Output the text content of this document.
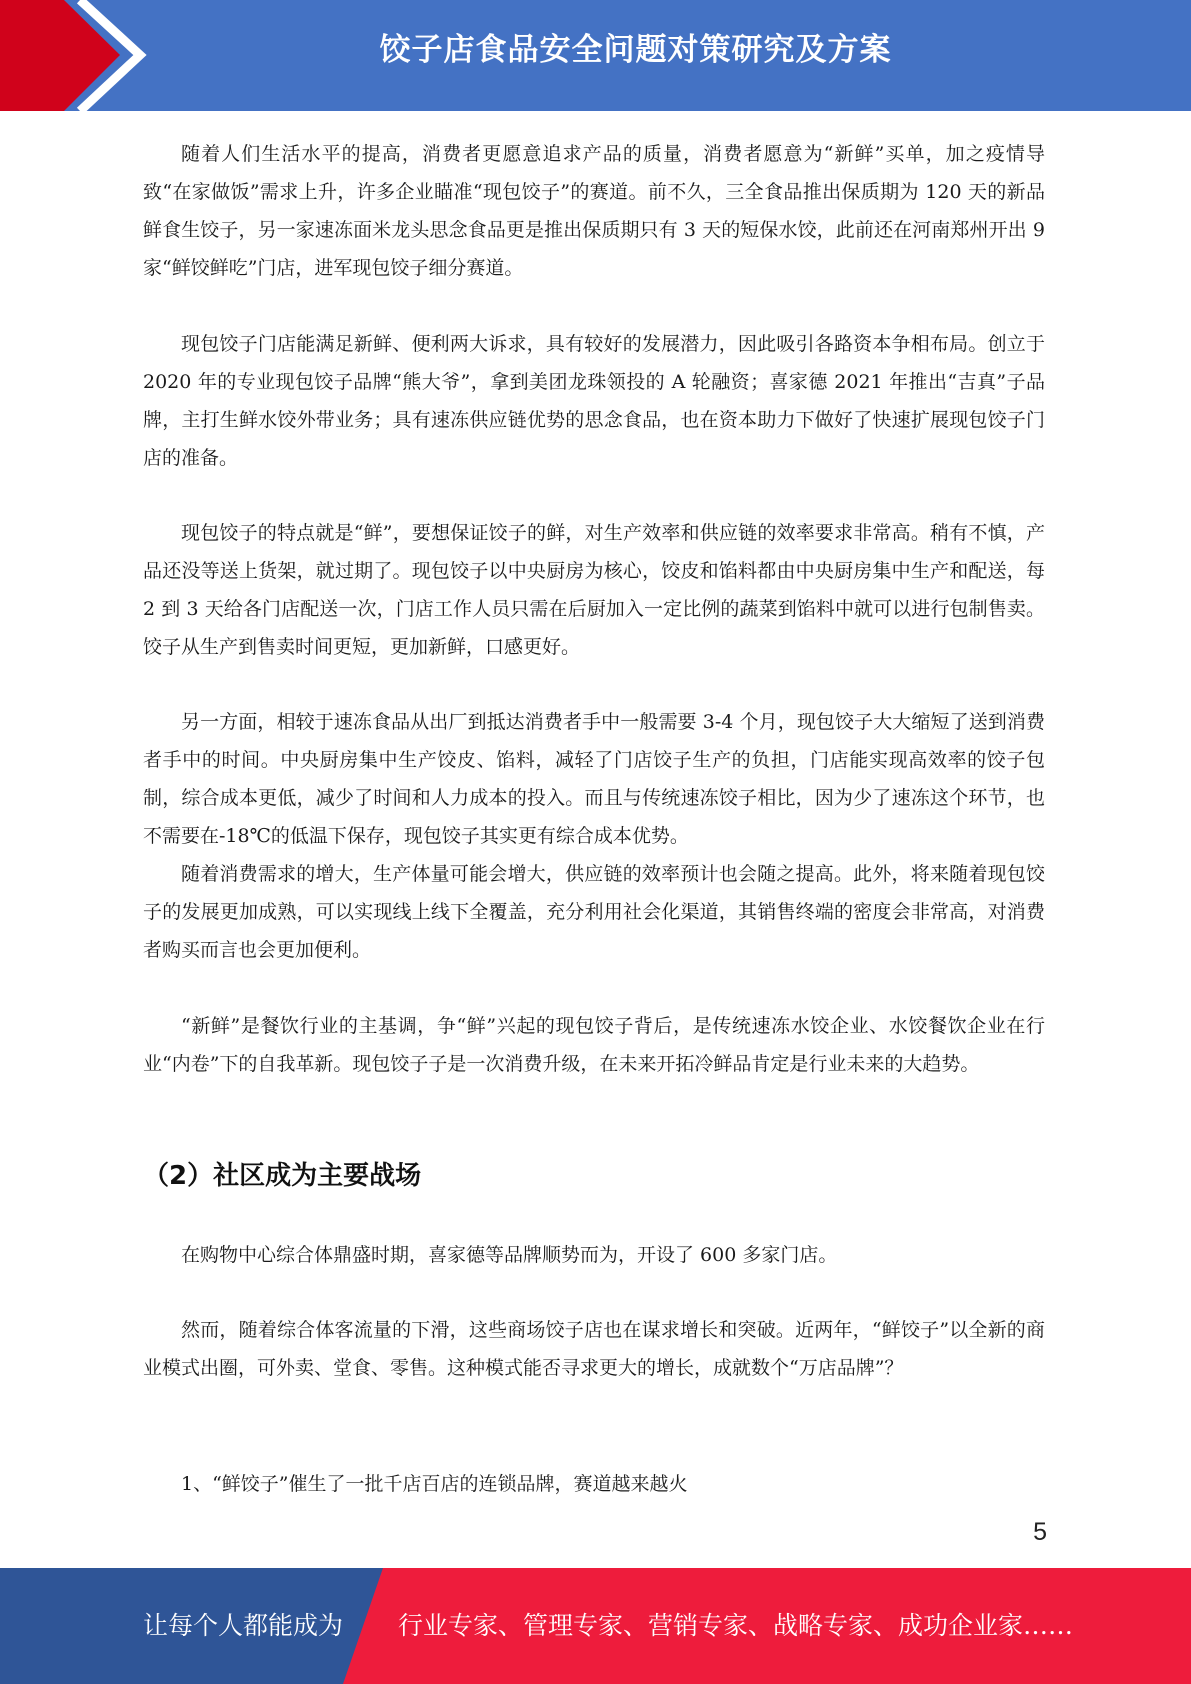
饺子店食品安全问题对策研究及方案

随着人们生活水平的提高，消费者更愿意追求产品的质量，消费者愿意为“新鲜”买单，加之疫情导致“在家做饭”需求上升，许多企业瞄准“现包饺子”的赛道。前不久，三全食品推出保质期为 120 天的新品鲜食生饺子，另一家速冻面米龙头思念食品更是推出保质期只有 3 天的短保水饺，此前还在河南郑州开出 9 家“鲜饺鲜吃”门店，进军现包饺子细分赛道。

现包饺子门店能满足新鲜、便利两大诉求，具有较好的发展潜力，因此吸引各路资本争相布局。创立于 2020 年的专业现包饺子品牌“熊大爷”，拿到美团龙珠领投的 A 轮融资；喜家德 2021 年推出“吉真”子品牌，主打生鲜水饺外带业务；具有速冻供应链优势的思念食品，也在资本助力下做好了快速扩展现包饺子门店的准备。

现包饺子的特点就是“鲜”，要想保证饺子的鲜，对生产效率和供应链的效率要求非常高。稍有不慎，产品还没等送上货架，就过期了。现包饺子以中央厨房为核心，饺皮和馅料都由中央厨房集中生产和配送，每 2 到 3 天给各门店配送一次，门店工作人员只需在后厨加入一定比例的蔬菜到馅料中就可以进行包制售卖。饺子从生产到售卖时间更短，更加新鲜，口感更好。

另一方面，相较于速冻食品从出厂到抵达消费者手中一般需要 3-4 个月，现包饺子大大缩短了送到消费者手中的时间。中央厨房集中生产饺皮、馅料，减轻了门店饺子生产的负担，门店能实现高效率的饺子包制，综合成本更低，减少了时间和人力成本的投入。而且与传统速冻饺子相比，因为少了速冻这个环节，也不需要在-18℃的低温下保存，现包饺子其实更有综合成本优势。

随着消费需求的增大，生产体量可能会增大，供应链的效率预计也会随之提高。此外，将来随着现包饺子的发展更加成熟，可以实现线上线下全覆盖，充分利用社会化渠道，其销售终端的密度会非常高，对消费者购买而言也会更加便利。

“新鲜”是餐饮行业的主基调，争“鲜”兴起的现包饺子背后，是传统速冻水饺企业、水饺餐饮企业在行业“内卷”下的自我革新。现包饺子子是一次消费升级，在未来开拓冷鲜品肯定是行业未来的大趋势。

（2）社区成为主要战场

在购物中心综合体鼎盛时期，喜家德等品牌顺势而为，开设了 600 多家门店。

然而，随着综合体客流量的下滑，这些商场饺子店也在谋求增长和突破。近两年，“鲜饺子”以全新的商业模式出圈，可外卖、堂食、零售。这种模式能否寻求更大的增长，成就数个“万店品牌”？

1、“鲜饺子”催生了一批千店百店的连锁品牌，赛道越来越火

5
让每个人都能成为 行业专家、管理专家、营销专家、战略专家、成功企业家……
